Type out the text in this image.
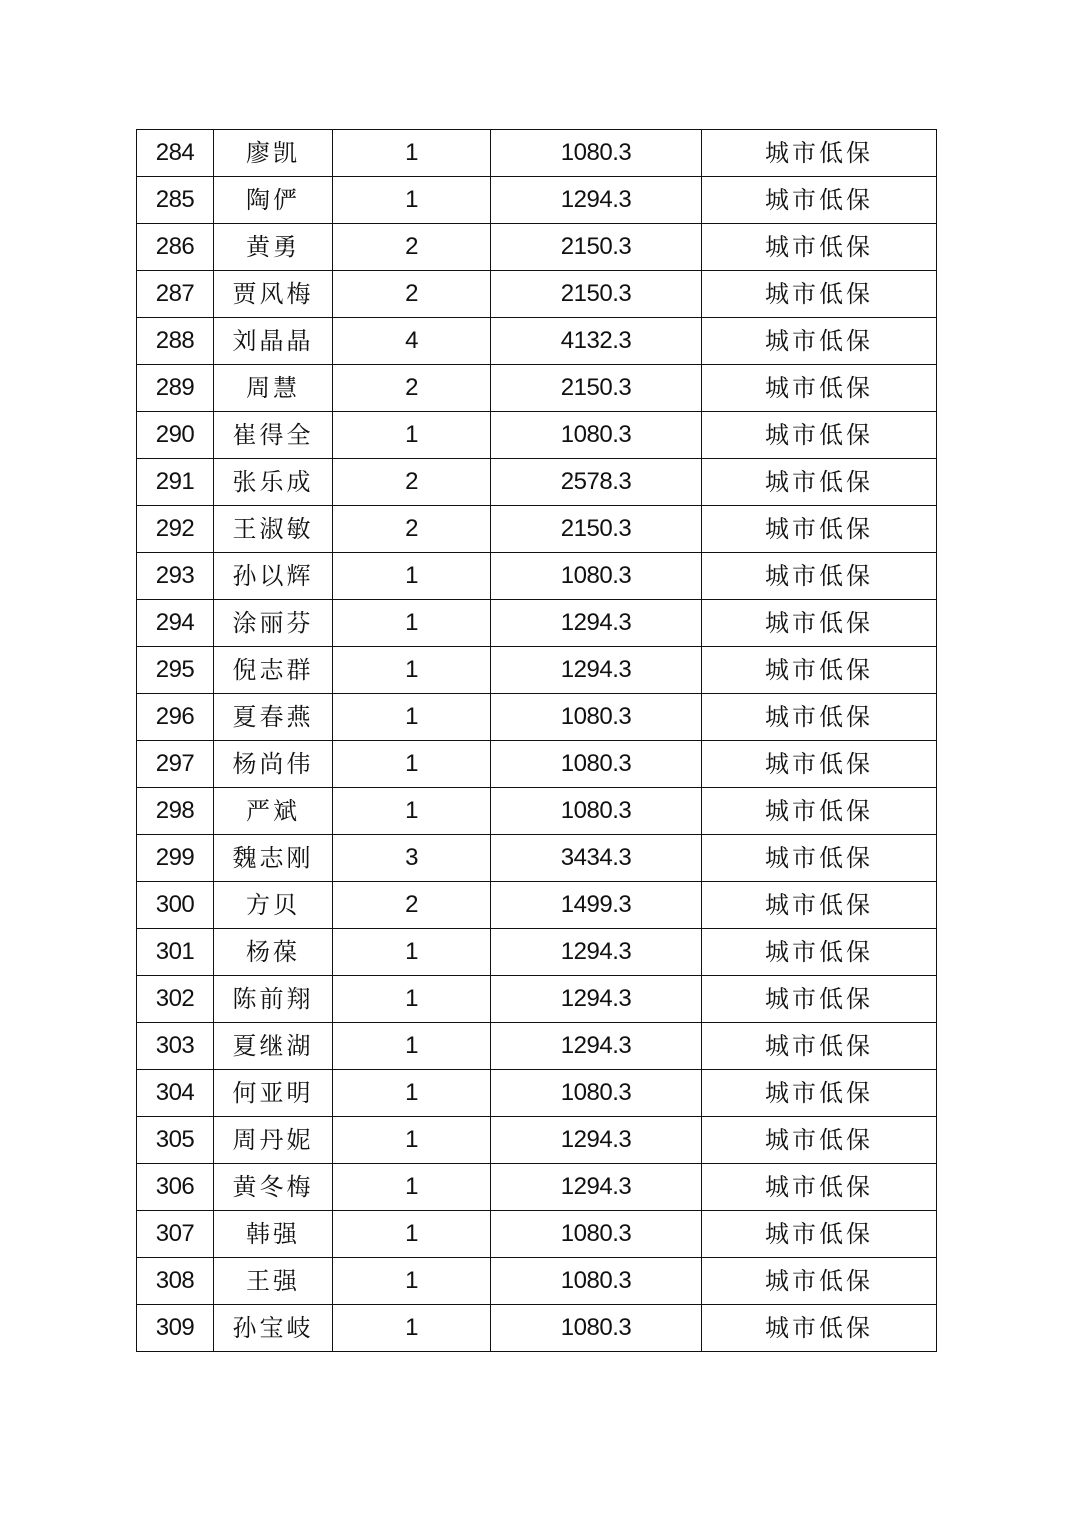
284	廖凯	1	1080.3	城市低保
285	陶俨	1	1294.3	城市低保
286	黄勇	2	2150.3	城市低保
287	贾风梅	2	2150.3	城市低保
288	刘晶晶	4	4132.3	城市低保
289	周慧	2	2150.3	城市低保
290	崔得全	1	1080.3	城市低保
291	张乐成	2	2578.3	城市低保
292	王淑敏	2	2150.3	城市低保
293	孙以辉	1	1080.3	城市低保
294	涂丽芬	1	1294.3	城市低保
295	倪志群	1	1294.3	城市低保
296	夏春燕	1	1080.3	城市低保
297	杨尚伟	1	1080.3	城市低保
298	严斌	1	1080.3	城市低保
299	魏志刚	3	3434.3	城市低保
300	方贝	2	1499.3	城市低保
301	杨葆	1	1294.3	城市低保
302	陈前翔	1	1294.3	城市低保
303	夏继湖	1	1294.3	城市低保
304	何亚明	1	1080.3	城市低保
305	周丹妮	1	1294.3	城市低保
306	黄冬梅	1	1294.3	城市低保
307	韩强	1	1080.3	城市低保
308	王强	1	1080.3	城市低保
309	孙宝岐	1	1080.3	城市低保
